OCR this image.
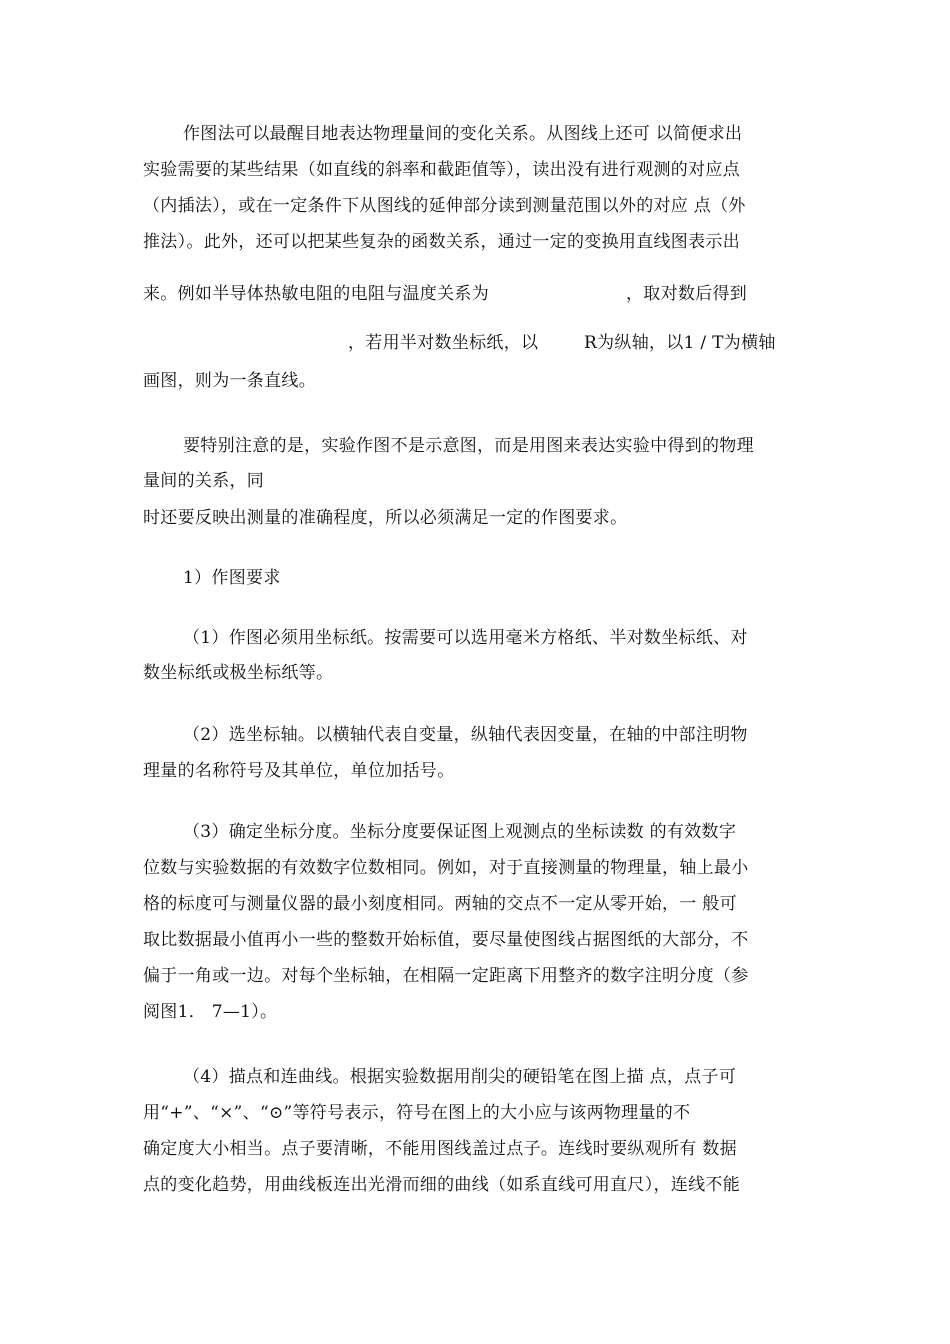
作图法可以最醒目地表达物理量间的变化关系。从图线上还可 以简便求出
实验需要的某些结果（如直线的斜率和截距值等），读出没有进行观测的对应点
（内插法），或在一定条件下从图线的延伸部分读到测量范围以外的对应 点（外
推法）。此外，还可以把某些复杂的函数关系，通过一定的变换用直线图表示出
来。例如半导体热敏电阻的电阻与温度关系为	，取对数后得到
，若用半对数坐标纸，以	R为纵轴，以1 / T为横轴
画图，则为一条直线。
要特别注意的是，实验作图不是示意图，而是用图来表达实验中得到的物理
量间的关系，同
时还要反映出测量的准确程度，所以必须满足一定的作图要求。
1）作图要求
（1）作图必须用坐标纸。按需要可以选用毫米方格纸、半对数坐标纸、对
数坐标纸或极坐标纸等。
（2）选坐标轴。以横轴代表自变量，纵轴代表因变量，在轴的中部注明物
理量的名称符号及其单位，单位加括号。
（3）确定坐标分度。坐标分度要保证图上观测点的坐标读数 的有效数字
位数与实验数据的有效数字位数相同。例如，对于直接测量的物理量，轴上最小
格的标度可与测量仪器的最小刻度相同。两轴的交点不一定从零开始，一 般可
取比数据最小值再小一些的整数开始标值，要尽量使图线占据图纸的大部分，不
偏于一角或一边。对每个坐标轴，在相隔一定距离下用整齐的数字注明分度（参
阅图1． 7—1）。
（4）描点和连曲线。根据实验数据用削尖的硬铅笔在图上描 点，点子可
用“+”、“×”、“⊙”等符号表示，符号在图上的大小应与该两物理量的不
确定度大小相当。点子要清晰，不能用图线盖过点子。连线时要纵观所有 数据
点的变化趋势，用曲线板连出光滑而细的曲线（如系直线可用直尺），连线不能
